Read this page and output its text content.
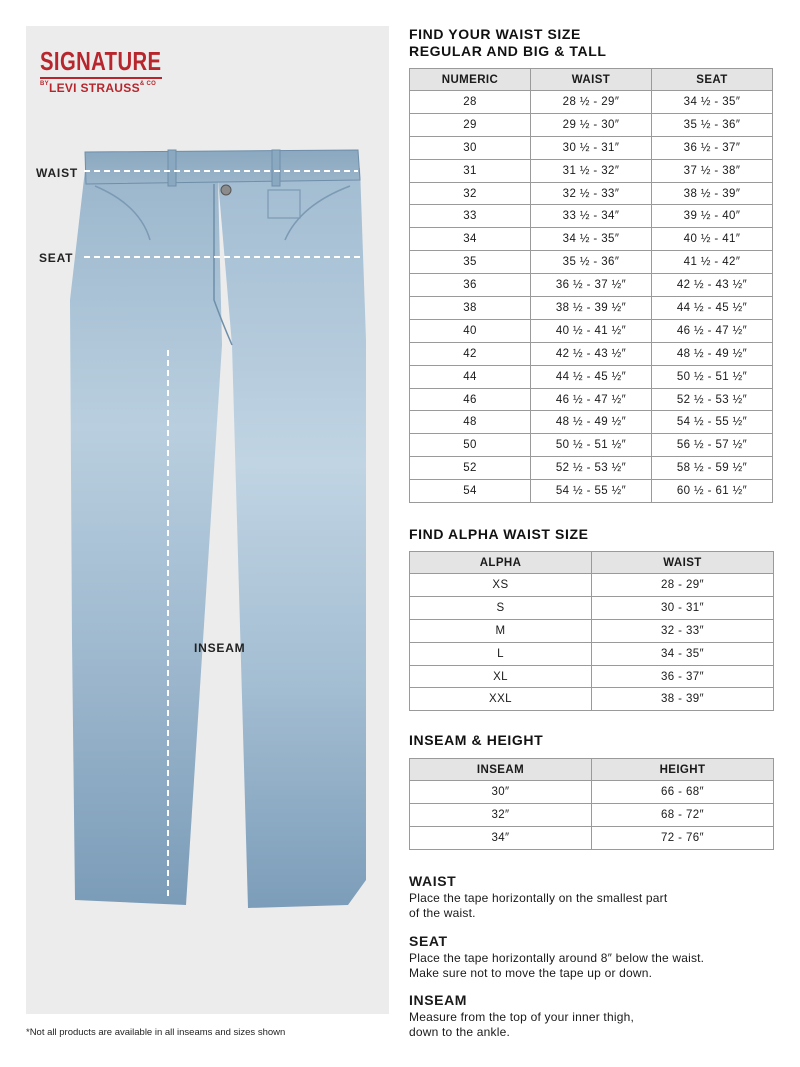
SIGNATURE
$^{BY}$LEVI $STRAUSS^{\& CO}$
WAIST
SEAT
INSEAM
*Not all products are available in all inseams and sizes shown
FIND YOUR WAIST SIZE
REGULAR AND BIG & TALL
NUMERIC	WAIST	SEAT
28	28 ½ - 29″	34 ½ - 35″
29	29 ½ - 30″	35 ½ - 36″
30	30 ½ - 31″	36 ½ - 37″
31	31 ½ - 32″	37 ½ - 38″
32	32 ½ - 33″	38 ½ - 39″
33	33 ½ - 34″	39 ½ - 40″
34	34 ½ - 35″	40 ½ - 41″
35	35 ½ - 36″	41 ½ - 42″
36	36 ½ - 37 ½″	42 ½ - 43 ½″
38	38 ½ - 39 ½″	44 ½ - 45 ½″
40	40 ½ - 41 ½″	46 ½ - 47 ½″
42	42 ½ - 43 ½″	48 ½ - 49 ½″
44	44 ½ - 45 ½″	50 ½ - 51 ½″
46	46 ½ - 47 ½″	52 ½ - 53 ½″
48	48 ½ - 49 ½″	54 ½ - 55 ½″
50	50 ½ - 51 ½″	56 ½ - 57 ½″
52	52 ½ - 53 ½″	58 ½ - 59 ½″
54	54 ½ - 55 ½″	60 ½ - 61 ½″
FIND ALPHA WAIST SIZE
ALPHA	WAIST
XS	28 - 29″
S	30 - 31″
M	32 - 33″
L	34 - 35″
XL	36 - 37″
XXL	38 - 39″
INSEAM & HEIGHT
INSEAM	HEIGHT
30″	66 - 68″
32″	68 - 72″
34″	72 - 76″
WAIST
Place the tape horizontally on the smallest part
of the waist.
SEAT
Place the tape horizontally around 8″ below the waist.
Make sure not to move the tape up or down.
INSEAM
Measure from the top of your inner thigh,
down to the ankle.
